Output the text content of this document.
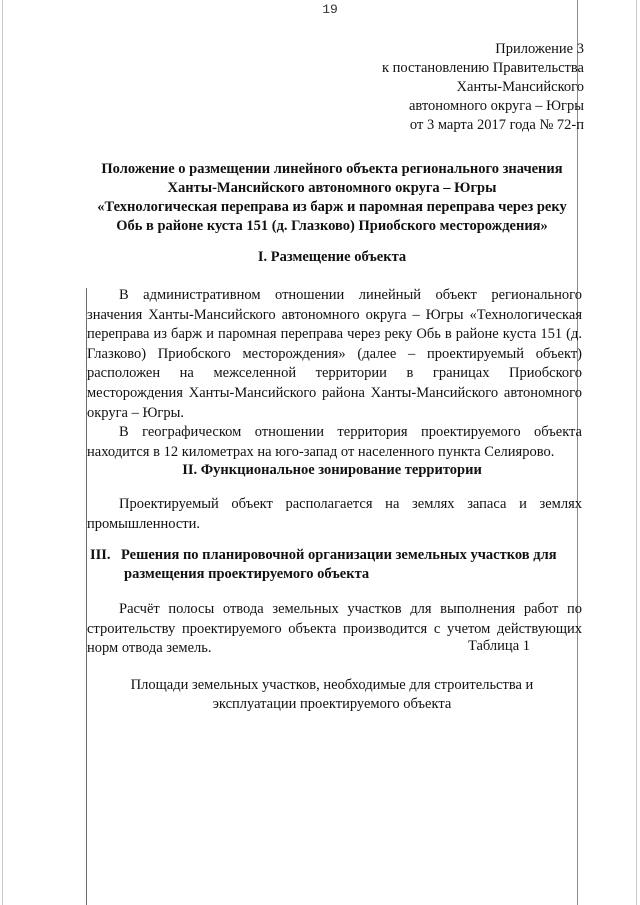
19
Приложение 3
к постановлению Правительства
Ханты-Мансийского
автономного округа – Югры
от 3 марта 2017 года № 72-п
Положение о размещении линейного объекта регионального значения
Ханты-Мансийского автономного округа – Югры
«Технологическая переправа из барж и паромная переправа через реку
Обь в районе куста 151 (д. Глазково) Приобского месторождения»
I. Размещение объекта

В административном отношении линейный объект регионального значения Ханты-Мансийского автономного округа – Югры «Технологическая переправа из барж и паромная переправа через реку Обь в районе куста 151 (д. Глазково) Приобского месторождения» (далее – проектируемый объект) расположен на межселенной территории в границах Приобского месторождения Ханты-Мансийского района Ханты-Мансийского автономного округа – Югры.

В географическом отношении территория проектируемого объекта находится в 12 километрах на юго-запад от населенного пункта Селиярово.

II. Функциональное зонирование территории

Проектируемый объект располагается на землях запаса и землях промышленности.

III. Решения по планировочной организации земельных участков для
размещения проектируемого объекта

Расчёт полосы отвода земельных участков для выполнения работ по строительству проектируемого объекта производится с учетом действующих норм отвода земель.	Таблица 1
Площади земельных участков, необходимые для строительства и
эксплуатации проектируемого объекта
